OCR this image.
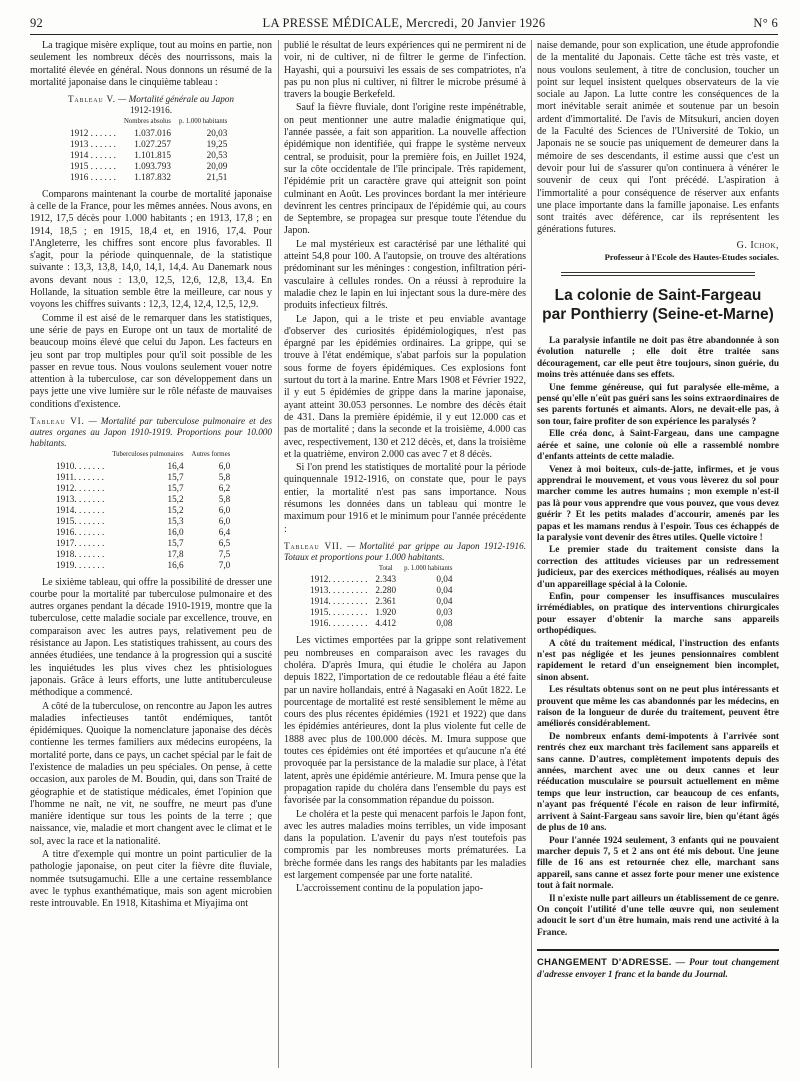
92	LA PRESSE MÉDICALE, Mercredi, 20 Janvier 1926	N° 6

La tragique misère explique, tout au moins en partie, non seulement les nombreux décès des nourrissons, mais la mortalité élevée en général. Nous donnons un résumé de la mortalité japonaise dans le cinquième tableau :

Tableau V. — Mortalité générale au Japon
1912-1916.
	Nombres absolus	p. 1.000 habitants
1912 . . . . . .	1.037.016	20,03
1913 . . . . . .	1.027.257	19,25
1914 . . . . . .	1.101.815	20,53
1915 . . . . . .	1.093.793	20,09
1916 . . . . . .	1.187.832	21,51

Comparons maintenant la courbe de mortalité japonaise à celle de la France, pour les mêmes années. Nous avons, en 1912, 17,5 décès pour 1.000 habitants ; en 1913, 17,8 ; en 1914, 18,5 ; en 1915, 18,4 et, en 1916, 17,4. Pour l'Angleterre, les chiffres sont encore plus favorables. Il s'agit, pour la période quinquennale, de la statistique suivante : 13,3, 13,8, 14,0, 14,1, 14,4. Au Danemark nous avons devant nous : 13,0, 12,5, 12,6, 12,8, 13,4. En Hollande, la situation semble être la meilleure, car nous y voyons les chiffres suivants : 12,3, 12,4, 12,4, 12,5, 12,9.

Comme il est aisé de le remarquer dans les statistiques, une série de pays en Europe ont un taux de mortalité de beaucoup moins élevé que celui du Japon. Les facteurs en jeu sont par trop multiples pour qu'il soit possible de les passer en revue tous. Nous voulons seulement vouer notre attention à la tuberculose, car son développement dans un pays jette une vive lumière sur le rôle néfaste de mauvaises conditions d'existence.

Tableau VI. — Mortalité par tuberculose pulmonaire et des autres organes au Japon 1910-1919. Proportions pour 10.000 habitants.
	Tuberculoses pulmonaires	Autres formes
1910. . . . . . .	16,4	6,0
1911. . . . . . .	15,7	5,8
1912. . . . . . .	15,7	6,2
1913. . . . . . .	15,2	5,8
1914. . . . . . .	15,2	6,0
1915. . . . . . .	15,3	6,0
1916. . . . . . .	16,0	6,4
1917. . . . . . .	15,7	6,5
1918. . . . . . .	17,8	7,5
1919. . . . . . .	16,6	7,0

Le sixième tableau, qui offre la possibilité de dresser une courbe pour la mortalité par tuberculose pulmonaire et des autres organes pendant la décade 1910-1919, montre que la tuberculose, cette maladie sociale par excellence, trouve, en comparaison avec les autres pays, relativement peu de résistance au Japon. Les statistiques trahissent, au cours des années étudiées, une tendance à la progression qui a suscité les inquiétudes les plus vives chez les phtisiologues japonais. Grâce à leurs efforts, une lutte antituberculeuse méthodique a commencé.

A côté de la tuberculose, on rencontre au Japon les autres maladies infectieuses tantôt endémiques, tantôt épidémiques. Quoique la nomenclature japonaise des décès contienne les termes familiers aux médecins européens, la mortalité porte, dans ce pays, un cachet spécial par le fait de l'existence de maladies un peu spéciales. On pense, à cette occasion, aux paroles de M. Boudin, qui, dans son Traité de géographie et de statistique médicales, émet l'opinion que l'homme ne naît, ne vit, ne souffre, ne meurt pas d'une manière identique sur tous les points de la terre ; que naissance, vie, maladie et mort changent avec le climat et le sol, avec la race et la nationalité.

A titre d'exemple qui montre un point particulier de la pathologie japonaise, on peut citer la fièvre dite fluviale, nommée tsutsugamuchi. Elle a une certaine ressemblance avec le typhus exanthématique, mais son agent microbien reste introuvable. En 1918, Kitashima et Miyajima ont

publié le résultat de leurs expériences qui ne permirent ni de voir, ni de cultiver, ni de filtrer le germe de l'infection. Hayashi, qui a poursuivi les essais de ses compatriotes, n'a pas pu non plus ni cultiver, ni filtrer le microbe présumé à travers la bougie Berkefeld.

Sauf la fièvre fluviale, dont l'origine reste impénétrable, on peut mentionner une autre maladie énigmatique qui, l'année passée, a fait son apparition. La nouvelle affection épidémique non identifiée, qui frappe le système nerveux central, se produisit, pour la première fois, en Juillet 1924, sur la côte occidentale de l'île principale. Très rapidement, l'épidémie prit un caractère grave qui atteignit son point culminant en Août. Les provinces bordant la mer intérieure devinrent les centres principaux de l'épidémie qui, au cours de Septembre, se propagea sur presque toute l'étendue du Japon.

Le mal mystérieux est caractérisé par une léthalité qui atteint 54,8 pour 100. A l'autopsie, on trouve des altérations prédominant sur les méninges : congestion, infiltration péri-vasculaire à cellules rondes. On a réussi à reproduire la maladie chez le lapin en lui injectant sous la dure-mère des produits infectieux filtrés.

Le Japon, qui a le triste et peu enviable avantage d'observer des curiosités épidémiologiques, n'est pas épargné par les épidémies ordinaires. La grippe, qui se trouve à l'état endémique, s'abat parfois sur la population sous forme de foyers épidémiques. Ces explosions font surtout du tort à la marine. Entre Mars 1908 et Février 1922, il y eut 5 épidémies de grippe dans la marine japonaise, ayant atteint 30.053 personnes. Le nombre des décès était de 431. Dans la première épidémie, il y eut 12.000 cas et pas de mortalité ; dans la seconde et la troisième, 4.000 cas avec, respectivement, 130 et 212 décès, et, dans la troisième et la quatrième, environ 2.000 cas avec 7 et 8 décès.

Si l'on prend les statistiques de mortalité pour la période quinquennale 1912-1916, on constate que, pour le pays entier, la mortalité n'est pas sans importance. Nous résumons les données dans un tableau qui montre le maximum pour 1916 et le minimum pour l'année précédente :

Tableau VII. — Mortalité par grippe au Japon 1912-1916. Totaux et proportions pour 1.000 habitants.
	Total	p. 1.000 habitants
1912. . . . . . . . .	2.343	0,04
1913. . . . . . . . .	2.280	0,04
1914. . . . . . . . .	2.361	0,04
1915. . . . . . . . .	1.920	0,03
1916. . . . . . . . .	4.412	0,08

Les victimes emportées par la grippe sont relativement peu nombreuses en comparaison avec les ravages du choléra. D'après Imura, qui étudie le choléra au Japon depuis 1822, l'importation de ce redoutable fléau a été faite par un navire hollandais, entré à Nagasaki en Août 1822. Le pourcentage de mortalité est resté sensiblement le même au cours des plus récentes épidémies (1921 et 1922) que dans les épidémies antérieures, dont la plus violente fut celle de 1888 avec plus de 100.000 décès. M. Imura suppose que toutes ces épidémies ont été importées et qu'aucune n'a été provoquée par la persistance de la maladie sur place, à l'état latent, après une épidémie antérieure. M. Imura pense que la propagation rapide du choléra dans l'ensemble du pays est favorisée par la consommation répandue du poisson.

Le choléra et la peste qui menacent parfois le Japon font, avec les autres maladies moins terribles, un vide imposant dans la population. L'avenir du pays n'est toutefois pas compromis par les nombreuses morts prématurées. La brèche formée dans les rangs des habitants par les maladies est largement compensée par une forte natalité.

L'accroissement continu de la population japo-

naise demande, pour son explication, une étude approfondie de la mentalité du Japonais. Cette tâche est très vaste, et nous voulons seulement, à titre de conclusion, toucher un point sur lequel insistent quelques observateurs de la vie sociale au Japon. La lutte contre les conséquences de la mort inévitable serait animée et soutenue par un besoin ardent d'immortalité. De l'avis de Mitsukuri, ancien doyen de la Faculté des Sciences de l'Université de Tokio, un Japonais ne se soucie pas uniquement de demeurer dans la mémoire de ses descendants, il estime aussi que c'est un devoir pour lui de s'assurer qu'on continuera à vénérer le souvenir de ceux qui l'ont précédé. L'aspiration à l'immortalité a pour conséquence de réserver aux enfants une place importante dans la famille japonaise. Les enfants sont traités avec déférence, car ils représentent les générations futures.

G. Ichok,
Professeur à l'Ecole des Hautes-Etudes sociales.
La colonie de Saint-Fargeau
par Ponthierry (Seine-et-Marne)

La paralysie infantile ne doit pas être abandonnée à son évolution naturelle ; elle doit être traitée sans découragement, car elle peut être toujours, sinon guérie, du moins très atténuée dans ses effets.

Une femme généreuse, qui fut paralysée elle-même, a pensé qu'elle n'eût pas guéri sans les soins extraordinaires de ses parents fortunés et aimants. Alors, ne devait-elle pas, à son tour, faire profiter de son expérience les paralysés ?

Elle créa donc, à Saint-Fargeau, dans une campagne aérée et saine, une colonie où elle a rassemblé nombre d'enfants atteints de cette maladie.

Venez à moi boiteux, culs-de-jatte, infirmes, et je vous apprendrai le mouvement, et vous vous lèverez du sol pour marcher comme les autres humains ; mon exemple n'est-il pas là pour vous apprendre que vous pouvez, que vous devez guérir ? Et les petits malades d'accourir, amenés par les papas et les mamans rendus à l'espoir. Tous ces échappés de la paralysie vont devenir des êtres utiles. Quelle victoire !

Le premier stade du traitement consiste dans la correction des attitudes vicieuses par un redressement judicieux, par des exercices méthodiques, réalisés au moyen d'un appareillage spécial à la Colonie.

Enfin, pour compenser les insuffisances musculaires irrémédiables, on pratique des interventions chirurgicales pour essayer d'obtenir la marche sans appareils orthopédiques.

A côté du traitement médical, l'instruction des enfants n'est pas négligée et les jeunes pensionnaires comblent rapidement le retard d'un enseignement bien incomplet, sinon absent.

Les résultats obtenus sont on ne peut plus intéressants et prouvent que même les cas abandonnés par les médecins, en raison de la longueur de durée du traitement, peuvent être améliorés considérablement.

De nombreux enfants demi-impotents à l'arrivée sont rentrés chez eux marchant très facilement sans appareils et sans canne. D'autres, complètement impotents depuis des années, marchent avec une ou deux cannes et leur rééducation musculaire se poursuit actuellement en même temps que leur instruction, car beaucoup de ces enfants, n'ayant pas fréquenté l'école en raison de leur infirmité, arrivent à Saint-Fargeau sans savoir lire, bien qu'étant âgés de plus de 10 ans.

Pour l'année 1924 seulement, 3 enfants qui ne pouvaient marcher depuis 7, 5 et 2 ans ont été mis debout. Une jeune fille de 16 ans est retournée chez elle, marchant sans appareil, sans canne et assez forte pour mener une existence tout à fait normale.

Il n'existe nulle part ailleurs un établissement de ce genre. On conçoit l'utilité d'une telle œuvre qui, non seulement adoucit le sort d'un être humain, mais rend une activité à la France.

CHANGEMENT D'ADRESSE. — Pour tout changement d'adresse envoyer 1 franc et la bande du Journal.
